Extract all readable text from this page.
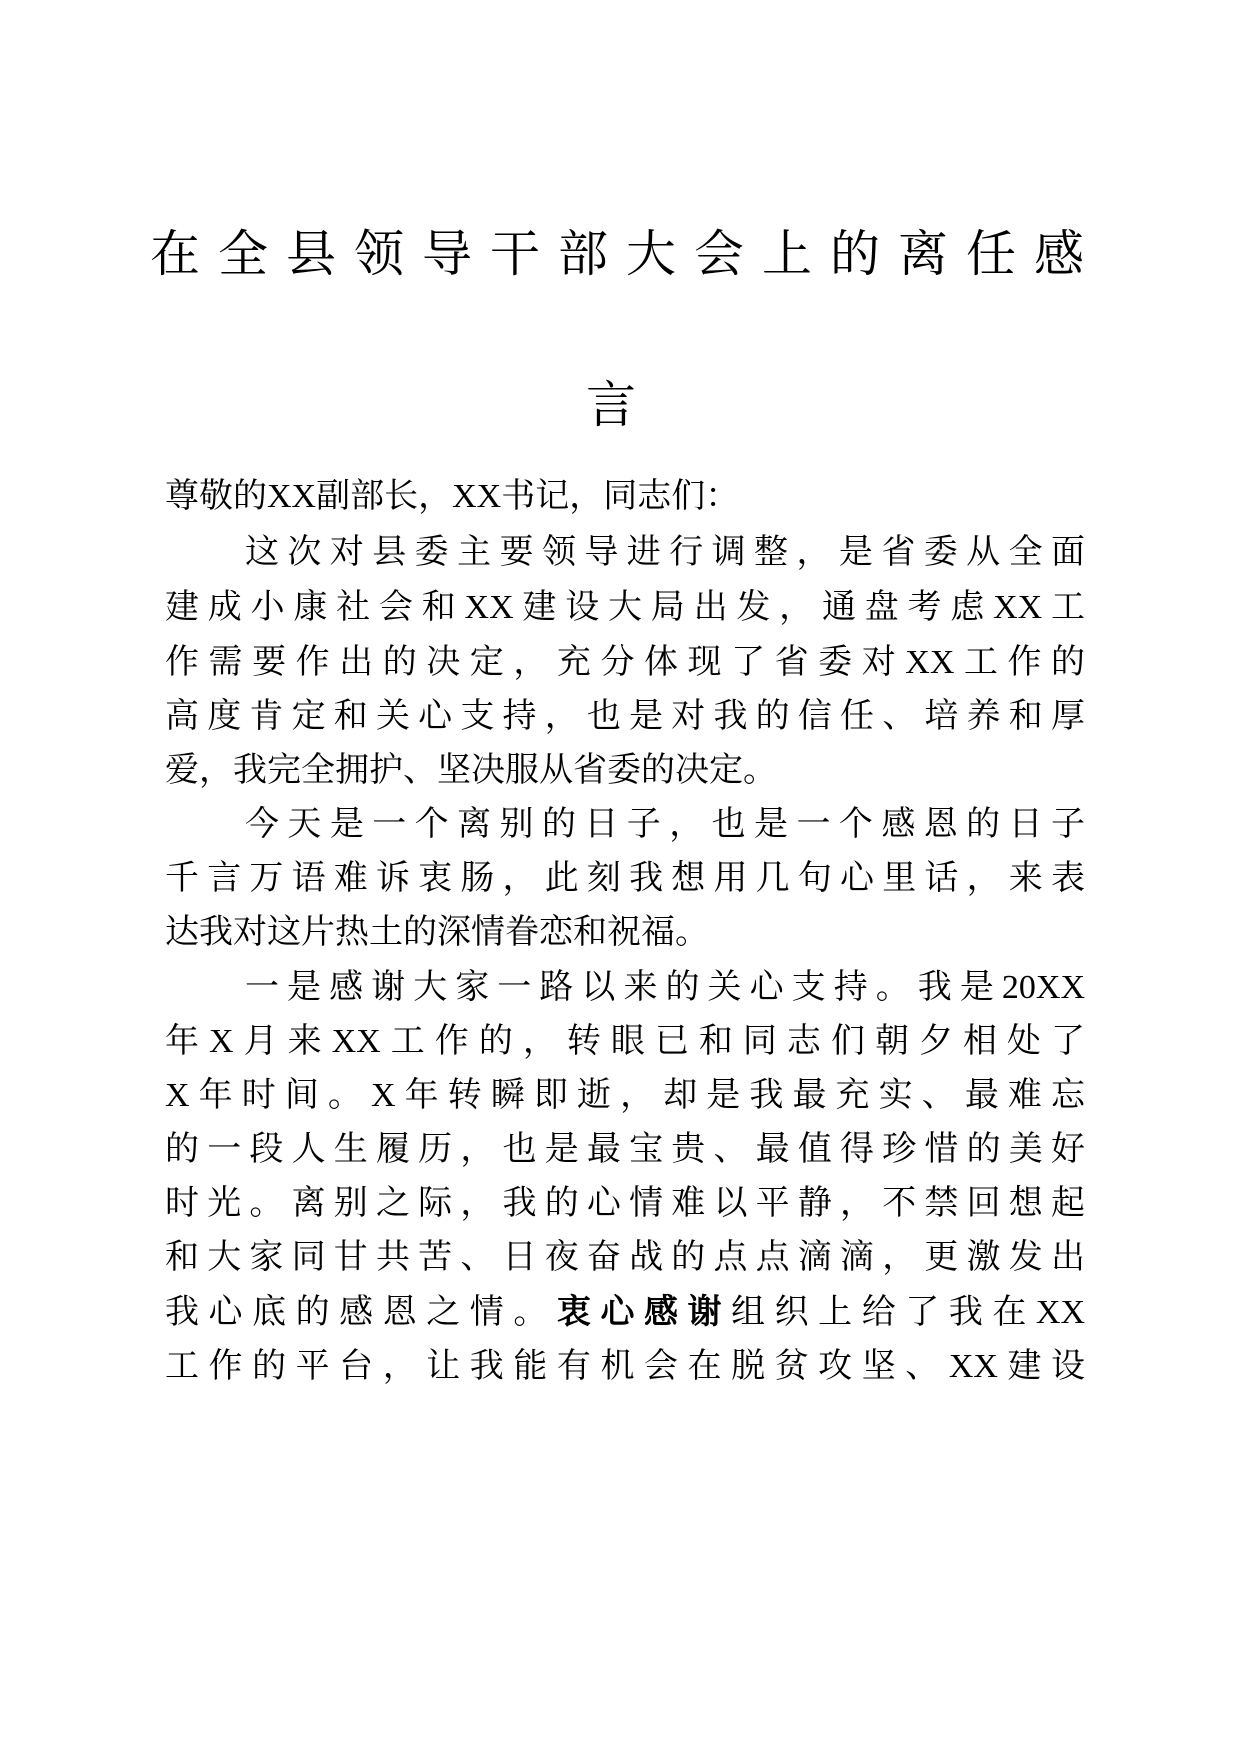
在全县领导干部大会上的离任感
言
尊敬的XX副部长，XX书记，同志们：
这次对县委主要领导进行调整，是省委从全面
建成小康社会和XX建设大局出发，通盘考虑XX工
作需要作出的决定，充分体现了省委对XX工作的
高度肯定和关心支持，也是对我的信任、培养和厚
爱，我完全拥护、坚决服从省委的决定。
今天是一个离别的日子，也是一个感恩的日子
千言万语难诉衷肠，此刻我想用几句心里话，来表
达我对这片热土的深情眷恋和祝福。
一是感谢大家一路以来的关心支持。我是20XX
年X月来XX工作的，转眼已和同志们朝夕相处了
X年时间。X年转瞬即逝，却是我最充实、最难忘
的一段人生履历，也是最宝贵、最值得珍惜的美好
时光。离别之际，我的心情难以平静，不禁回想起
和大家同甘共苦、日夜奋战的点点滴滴，更激发出
我心底的感恩之情。衷心感谢组织上给了我在XX
工作的平台，让我能有机会在脱贫攻坚、XX建设
